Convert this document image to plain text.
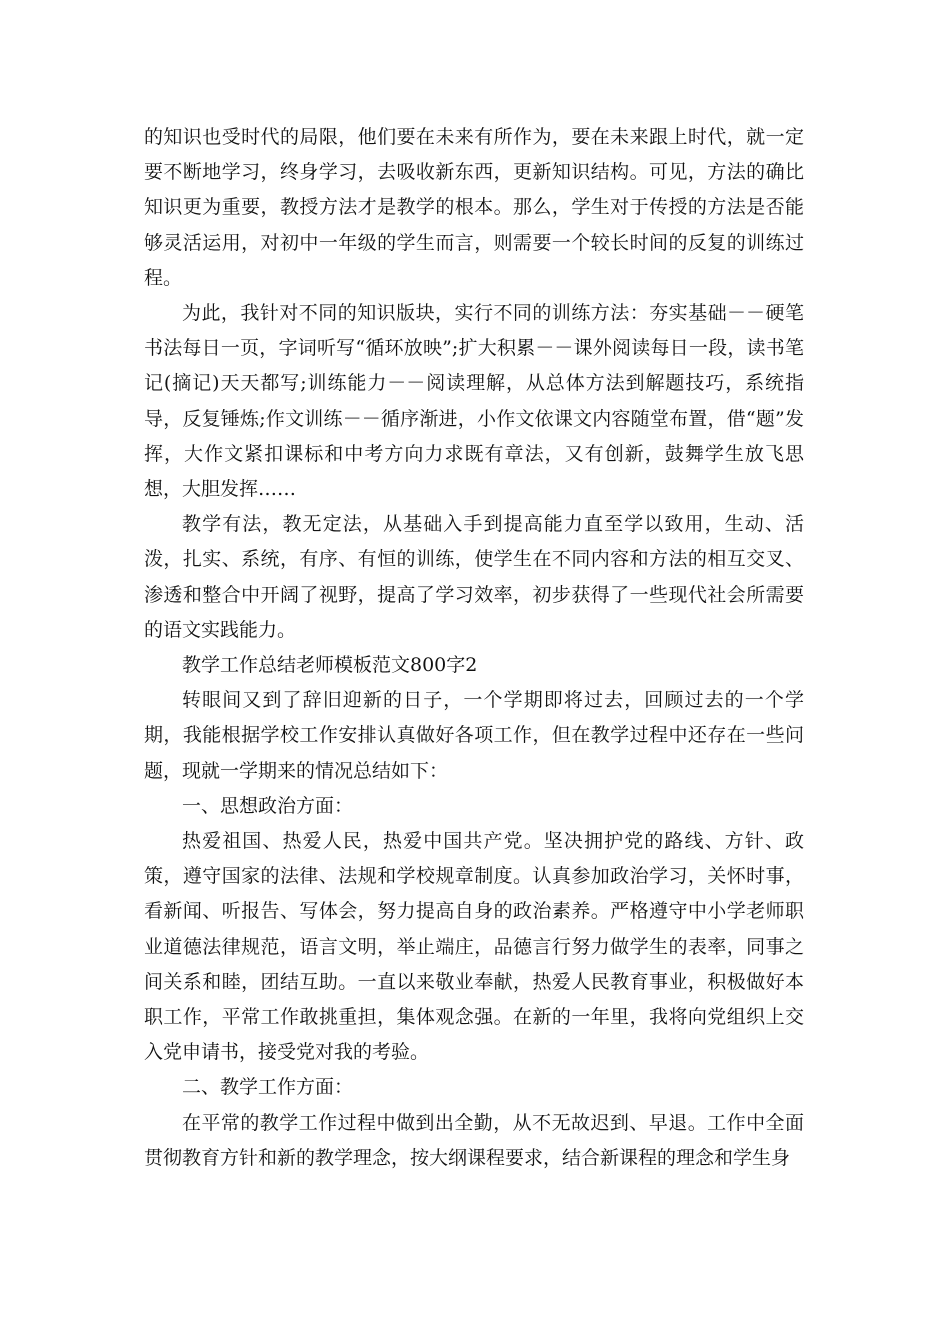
的知识也受时代的局限，他们要在未来有所作为，要在未来跟上时代，就一定要不断地学习，终身学习，去吸收新东西，更新知识结构。可见，方法的确比知识更为重要，教授方法才是教学的根本。那么，学生对于传授的方法是否能够灵活运用，对初中一年级的学生而言，则需要一个较长时间的反复的训练过程。

为此，我针对不同的知识版块，实行不同的训练方法：夯实基础－－硬笔书法每日一页，字词听写“循环放映”;扩大积累－－课外阅读每日一段，读书笔记(摘记)天天都写;训练能力－－阅读理解，从总体方法到解题技巧，系统指导，反复锤炼;作文训练－－循序渐进，小作文依课文内容随堂布置，借“题”发挥，大作文紧扣课标和中考方向力求既有章法，又有创新，鼓舞学生放飞思想，大胆发挥……

教学有法，教无定法，从基础入手到提高能力直至学以致用，生动、活泼，扎实、系统，有序、有恒的训练，使学生在不同内容和方法的相互交叉、渗透和整合中开阔了视野，提高了学习效率，初步获得了一些现代社会所需要的语文实践能力。

教学工作总结老师模板范文800字2

转眼间又到了辞旧迎新的日子，一个学期即将过去，回顾过去的一个学期，我能根据学校工作安排认真做好各项工作，但在教学过程中还存在一些问题，现就一学期来的情况总结如下：

一、思想政治方面：

热爱祖国、热爱人民，热爱中国共产党。坚决拥护党的路线、方针、政策，遵守国家的法律、法规和学校规章制度。认真参加政治学习，关怀时事，看新闻、听报告、写体会，努力提高自身的政治素养。严格遵守中小学老师职业道德法律规范，语言文明，举止端庄，品德言行努力做学生的表率，同事之间关系和睦，团结互助。一直以来敬业奉献，热爱人民教育事业，积极做好本职工作，平常工作敢挑重担，集体观念强。在新的一年里，我将向党组织上交入党申请书，接受党对我的考验。

二、教学工作方面：

在平常的教学工作过程中做到出全勤，从不无故迟到、早退。工作中全面贯彻教育方针和新的教学理念，按大纲课程要求，结合新课程的理念和学生身
